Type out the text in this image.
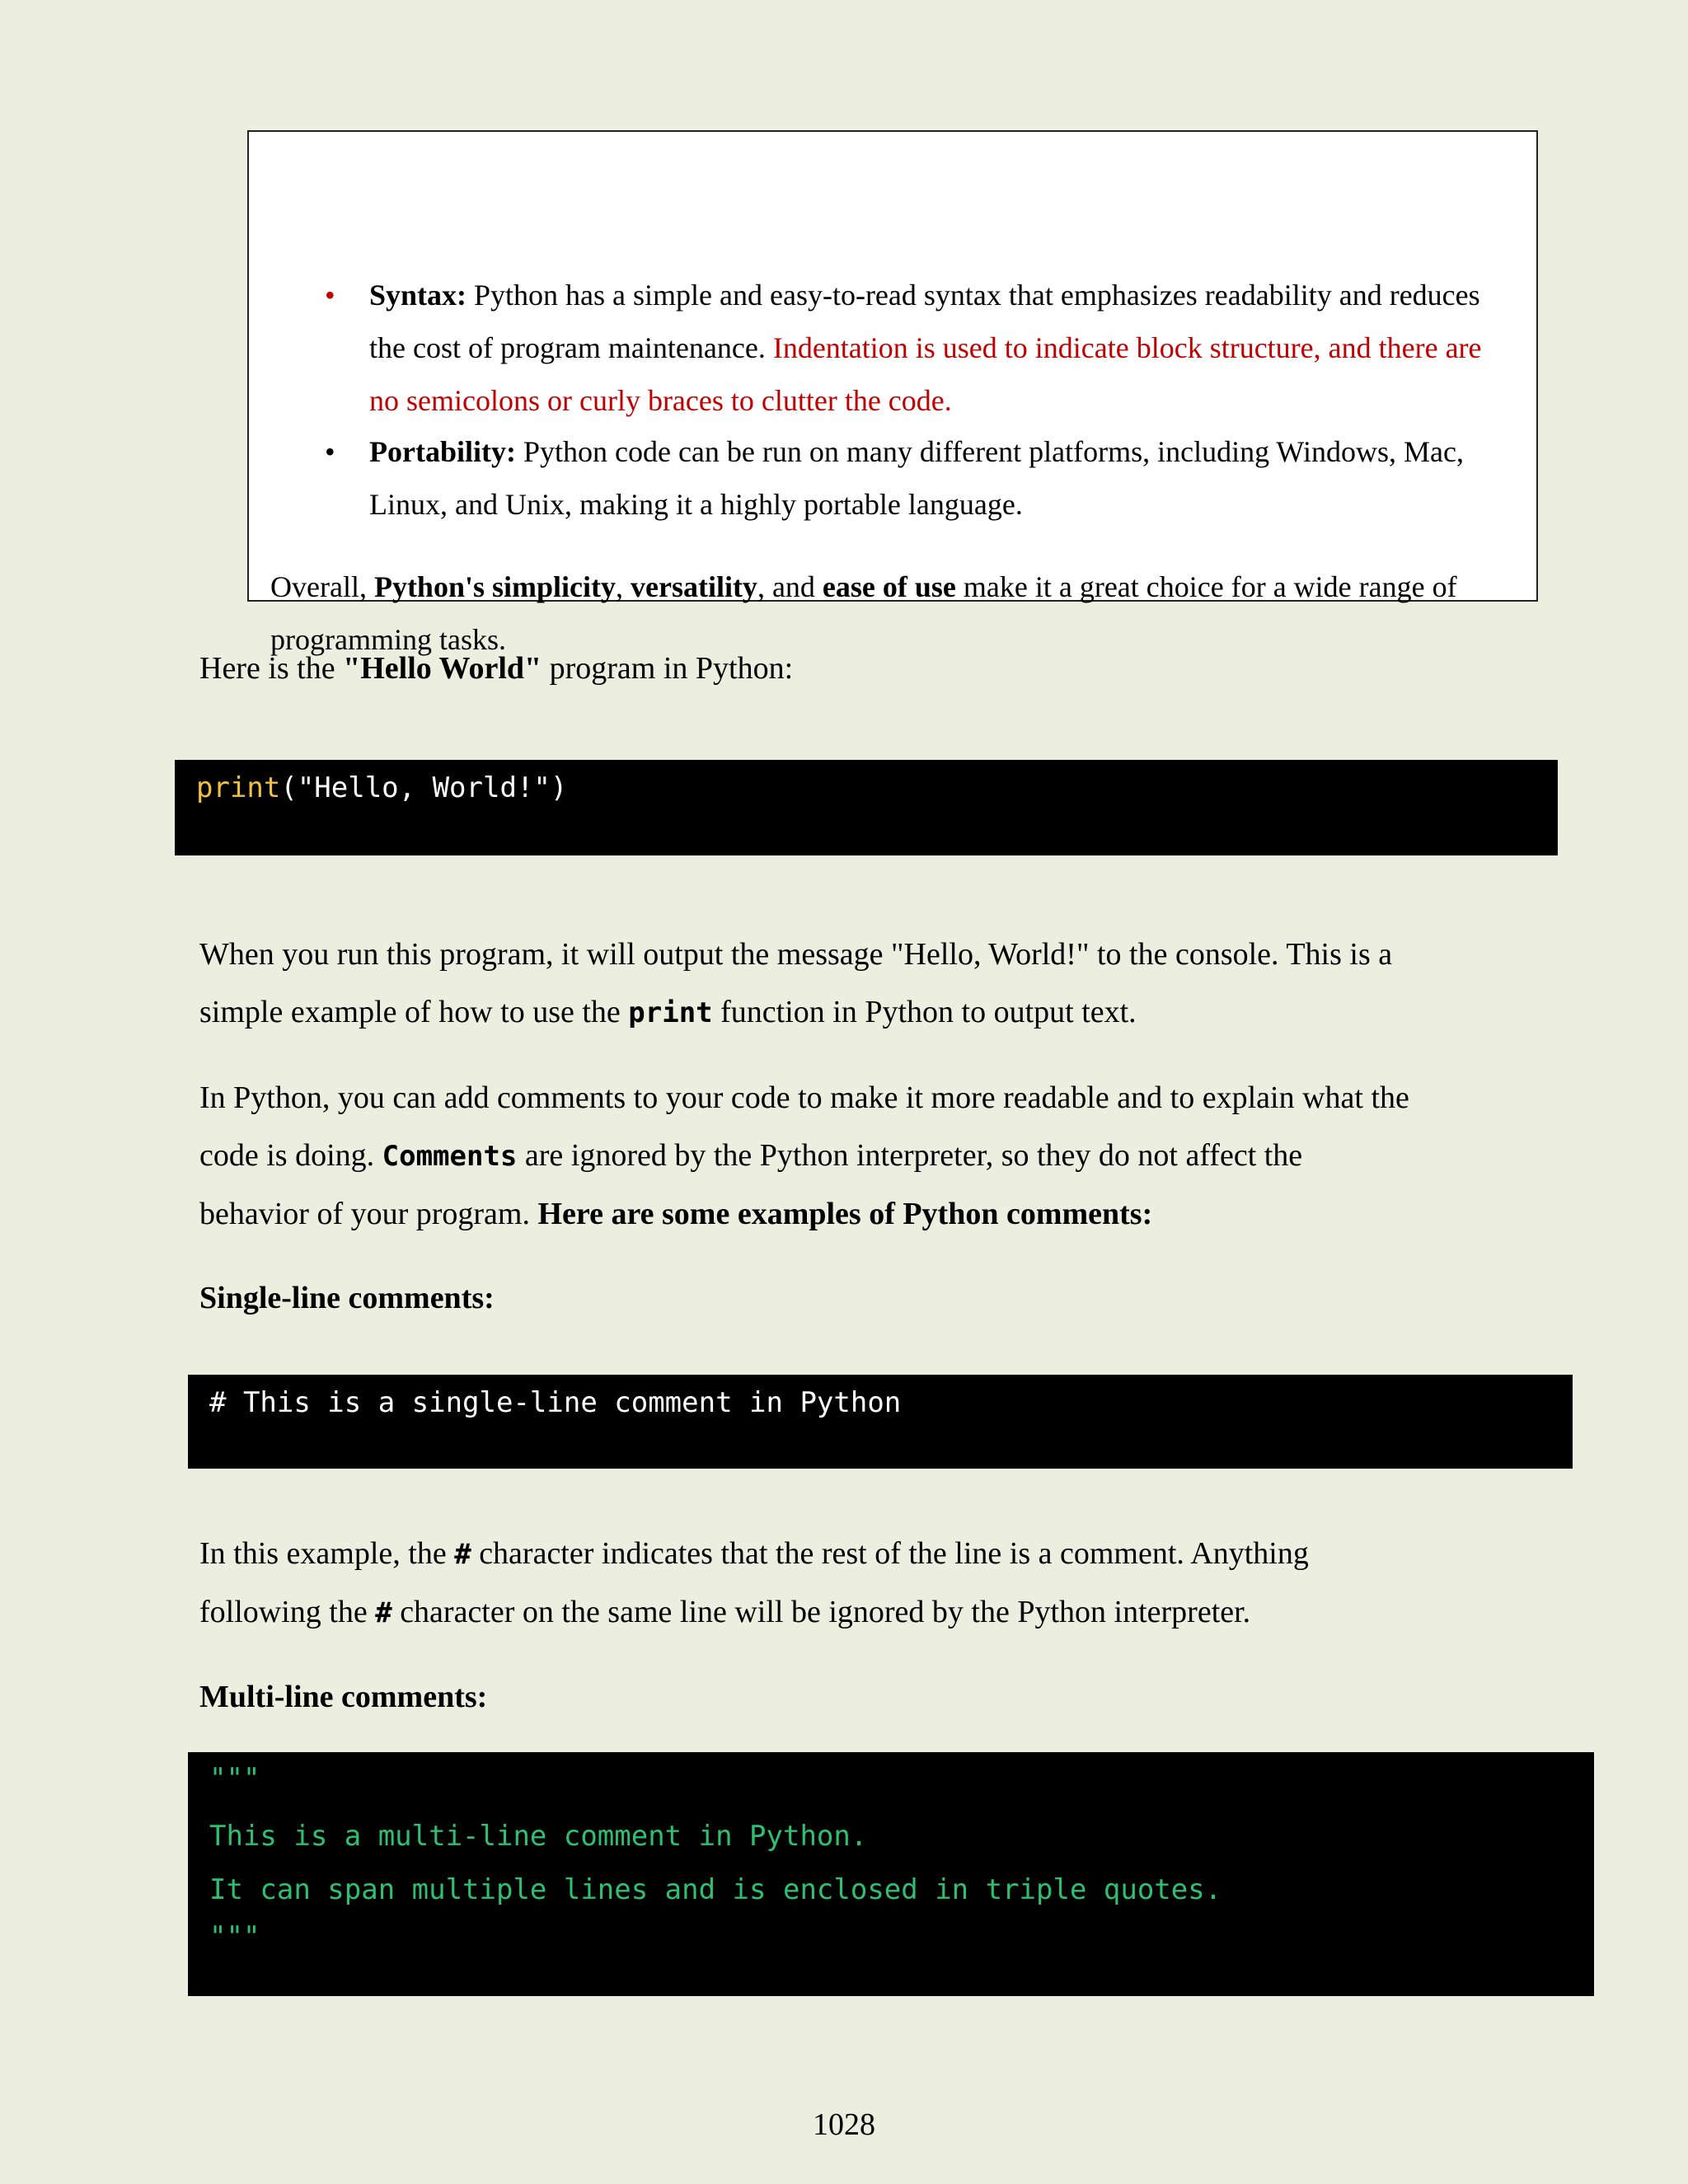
• Syntax: Python has a simple and easy-to-read syntax that emphasizes readability and reduces
the cost of program maintenance. Indentation is used to indicate block structure, and there are
no semicolons or curly braces to clutter the code.
• Portability: Python code can be run on many different platforms, including Windows, Mac,
Linux, and Unix, making it a highly portable language.
Overall, Python's simplicity, versatility, and ease of use make it a great choice for a wide range of
programming tasks.
Here is the "Hello World" program in Python:
print("Hello, World!")
When you run this program, it will output the message "Hello, World!" to the console. This is a
simple example of how to use the print function in Python to output text.
In Python, you can add comments to your code to make it more readable and to explain what the
code is doing. Comments are ignored by the Python interpreter, so they do not affect the
behavior of your program. Here are some examples of Python comments:
Single-line comments:
# This is a single-line comment in Python
In this example, the # character indicates that the rest of the line is a comment. Anything
following the # character on the same line will be ignored by the Python interpreter.
Multi-line comments:
"""
This is a multi-line comment in Python.
It can span multiple lines and is enclosed in triple quotes.
"""
1028
